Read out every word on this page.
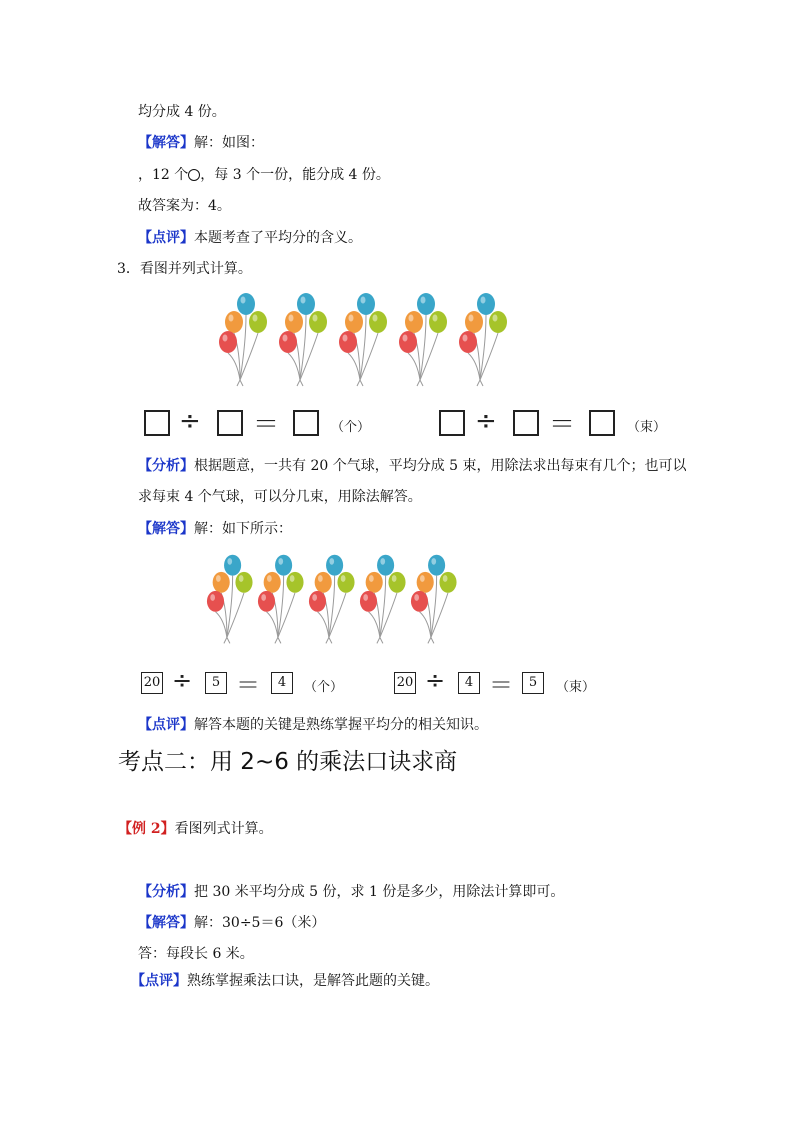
均分成 4 份。
【解答】解：如图：
，12 个 ，每 3 个一份，能分成 4 份。
故答案为：4。
【点评】本题考查了平均分的含义。
3．看图并列式计算。
÷ ＝	（个）	÷ ＝	（束）
【分析】根据题意，一共有 20 个气球，平均分成 5 束，用除法求出每束有几个；也可以
求每束 4 个气球，可以分几束，用除法解答。
【解答】解：如下所示：
20 ÷	5 ＝	4	（个）	20 ÷	4 ＝	5	（束）
【点评】解答本题的关键是熟练掌握平均分的相关知识。
考点二：用 2~6 的乘法口诀求商
【例 2】看图列式计算。
【分析】把 30 米平均分成 5 份，求 1 份是多少，用除法计算即可。
【解答】解：30÷5＝6（米）
答：每段长 6 米。
【点评】熟练掌握乘法口诀，是解答此题的关键。
